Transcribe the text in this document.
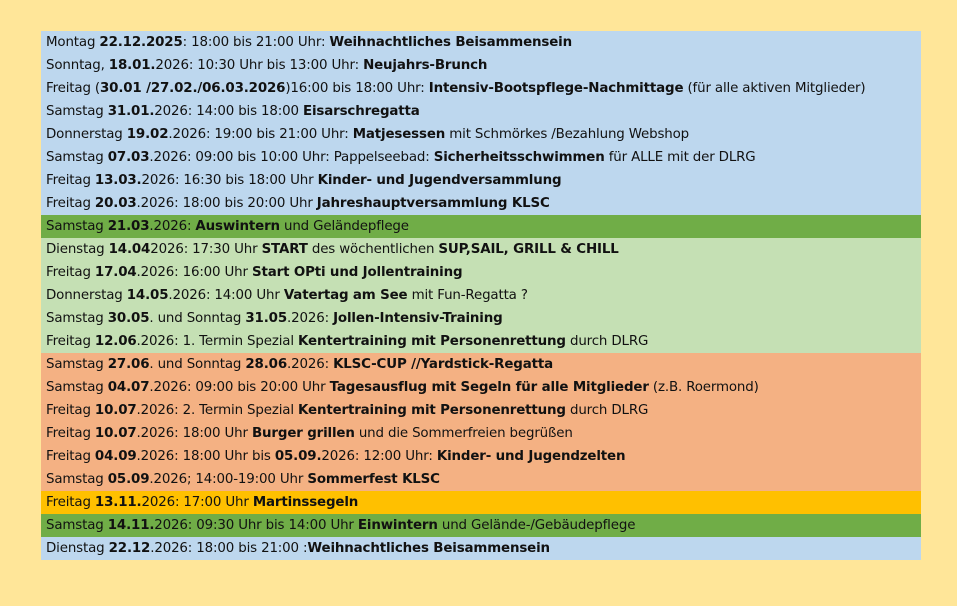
Montag 22.12.2025: 18:00 bis 21:00 Uhr: Weihnachtliches Beisammensein
Sonntag, 18.01.2026: 10:30 Uhr bis 13:00 Uhr: Neujahrs-Brunch
Freitag (30.01 /27.02./06.03.2026)16:00 bis 18:00 Uhr: Intensiv-Bootspflege-Nachmittage (für alle aktiven Mitglieder)
Samstag 31.01.2026: 14:00 bis 18:00 Eisarschregatta
Donnerstag 19.02.2026: 19:00 bis 21:00 Uhr: Matjesessen mit Schmörkes /Bezahlung Webshop
Samstag 07.03.2026: 09:00 bis 10:00 Uhr: Pappelseebad: Sicherheitsschwimmen für ALLE mit der DLRG
Freitag 13.03.2026: 16:30 bis 18:00 Uhr Kinder- und Jugendversammlung
Freitag 20.03.2026: 18:00 bis 20:00 Uhr Jahreshauptversammlung KLSC
Samstag 21.03.2026: Auswintern und Geländepflege
Dienstag 14.042026: 17:30 Uhr START des wöchentlichen SUP,SAIL, GRILL & CHILL
Freitag 17.04.2026: 16:00 Uhr Start OPti und Jollentraining
Donnerstag 14.05.2026: 14:00 Uhr Vatertag am See mit Fun-Regatta ?
Samstag 30.05. und Sonntag 31.05.2026: Jollen-Intensiv-Training
Freitag 12.06.2026: 1. Termin Spezial Kentertraining mit Personenrettung durch DLRG
Samstag 27.06. und Sonntag 28.06.2026: KLSC-CUP //Yardstick-Regatta
Samstag 04.07.2026: 09:00 bis 20:00 Uhr Tagesausflug mit Segeln für alle Mitglieder (z.B. Roermond)
Freitag 10.07.2026: 2. Termin Spezial Kentertraining mit Personenrettung durch DLRG
Freitag 10.07.2026: 18:00 Uhr Burger grillen und die Sommerfreien begrüßen
Freitag 04.09.2026: 18:00 Uhr bis 05.09.2026: 12:00 Uhr: Kinder- und Jugendzelten
Samstag 05.09.2026; 14:00-19:00 Uhr Sommerfest KLSC
Freitag 13.11.2026: 17:00 Uhr Martinssegeln
Samstag 14.11.2026: 09:30 Uhr bis 14:00 Uhr Einwintern und Gelände-/Gebäudepflege
Dienstag 22.12.2026: 18:00 bis 21:00 :Weihnachtliches Beisammensein
